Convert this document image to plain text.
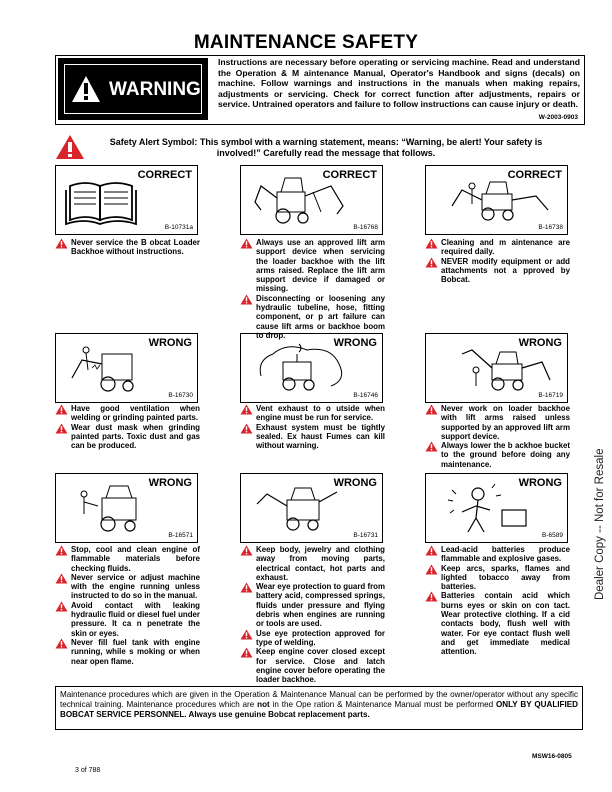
MAINTENANCE SAFETY
WARNING
Instructions are necessary before operating or servicing machine. Read and understand the Operation & M aintenance Manual, Operator's Handbook and signs (decals) on machine. Follow warnings and instructions in the manuals when making repairs, adjustments or servicing. Check for correct function after adjustments, repairs or service. Untrained operators and failure to follow instructions can cause injury or death.
W-2003-0903
Safety Alert Symbol: This symbol with a warning statement, means: “Warning, be alert! Your safety is involved!” Carefully read the message that follows.
CORRECT
B-10731a
CORRECT
B-16768
CORRECT
B-16738
Never service the B obcat Loader Backhoe without instructions.
Always use an approved lift arm support device when servicing the loader backhoe with the lift arms raised. Replace the lift arm support device if damaged or missing.
Disconnecting or loosening any hydraulic tubeline, hose, fitting component, or p art failure can cause lift arms or backhoe boom to drop.
Cleaning and m aintenance are required daily.
NEVER modify equipment or add attachments not a pproved by Bobcat.
WRONG
B-16730
WRONG
B-16746
WRONG
B-16719
Have good ventilation when welding or grinding painted parts.
Wear dust mask when grinding painted parts. Toxic dust and gas can be produced.
Vent exhaust to o utside when engine must be run for service.
Exhaust system must be tightly sealed. Ex haust Fumes can kill without warning.
Never work on loader backhoe with lift arms raised unless supported by an approved lift arm support device.
Always lower the b ackhoe bucket to the ground before doing any maintenance.
WRONG
B-16571
WRONG
B-16731
WRONG
B-6589
Stop, cool and clean engine of flammable materials before checking fluids.
Never service or adjust machine with the engine running unless instructed to do so in the manual.
Avoid contact with leaking hydraulic fluid or diesel fuel under pressure. It ca n penetrate the skin or eyes.
Never fill fuel tank with engine running, while s moking or when near open flame.
Keep body, jewelry and clothing away from moving parts, electrical contact, hot parts and exhaust.
Wear eye protection to guard from battery acid, compressed springs, fluids under pressure and flying debris when engines are running or tools are used.
Use eye protection approved for type of welding.
Keep engine cover closed except for service. Close and latch engine cover before operating the loader backhoe.
Lead-acid batteries produce flammable and explosive gases.
Keep arcs, sparks, flames and lighted tobacco away from batteries.
Batteries contain acid which burns eyes or skin on con tact. Wear protective clothing. If a cid contacts body, flush well with water. For eye contact flush well and get immediate medical attention.
Maintenance procedures which are given in the Operation & Maintenance Manual can be performed by the owner/operator without any specific technical training. Maintenance procedures which are not in the Ope ration & Maintenance Manual must be performed ONLY BY QUALIFIED BOBCAT SERVICE PERSONNEL. Always use genuine Bobcat replacement parts.
MSW16-0805
Dealer Copy -- Not for Resale
3 of 788
